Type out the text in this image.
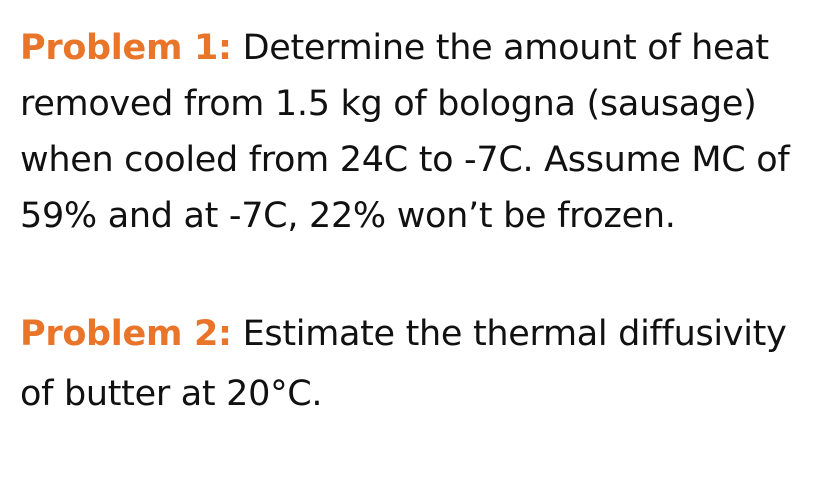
Problem 1: Determine the amount of heat removed from 1.5 kg of bologna (sausage) when cooled from 24C to -7C. Assume MC of 59% and at -7C, 22% won’t be frozen.

Problem 2: Estimate the thermal diffusivity of butter at 20°C.
